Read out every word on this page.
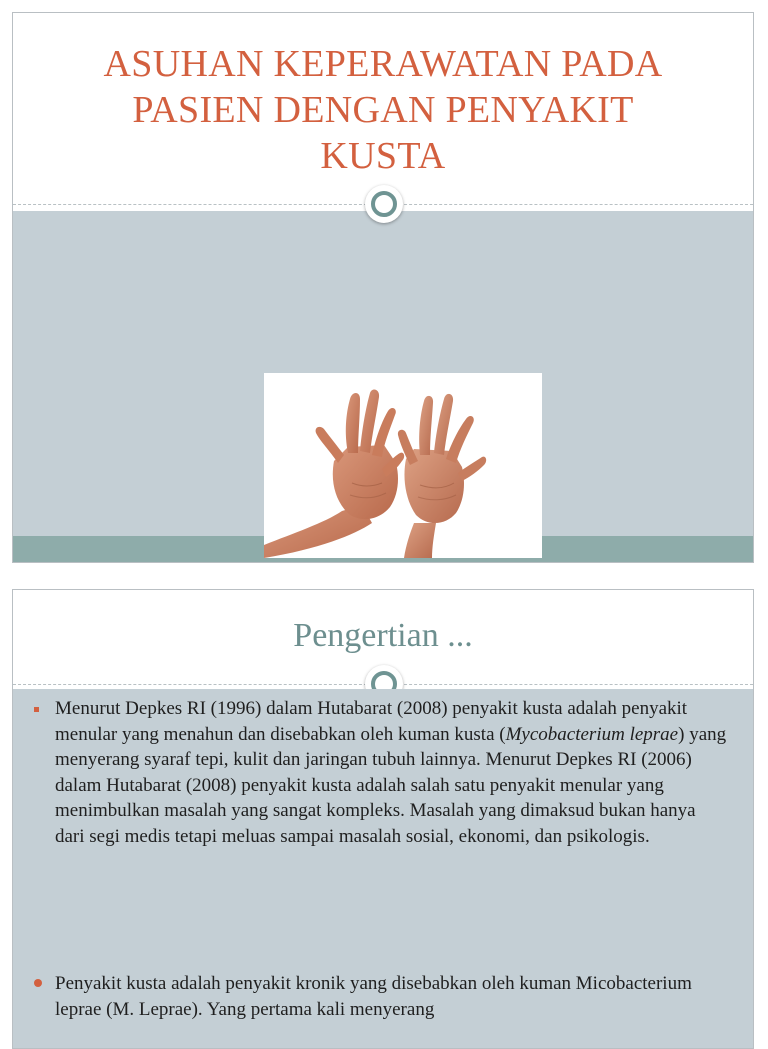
ASUHAN KEPERAWATAN PADA
PASIEN DENGAN PENYAKIT
KUSTA
Pengertian ...

Menurut Depkes RI (1996) dalam Hutabarat (2008) penyakit kusta adalah penyakit menular yang menahun dan disebabkan oleh kuman kusta (Mycobacterium leprae) yang menyerang syaraf tepi, kulit dan jaringan tubuh lainnya. Menurut Depkes RI (2006) dalam Hutabarat (2008) penyakit kusta adalah salah satu penyakit menular yang menimbulkan masalah yang sangat kompleks. Masalah yang dimaksud bukan hanya dari segi medis tetapi meluas sampai masalah sosial, ekonomi, dan psikologis.

Penyakit kusta adalah penyakit kronik yang disebabkan oleh kuman Micobacterium leprae (M. Leprae). Yang pertama kali menyerang
